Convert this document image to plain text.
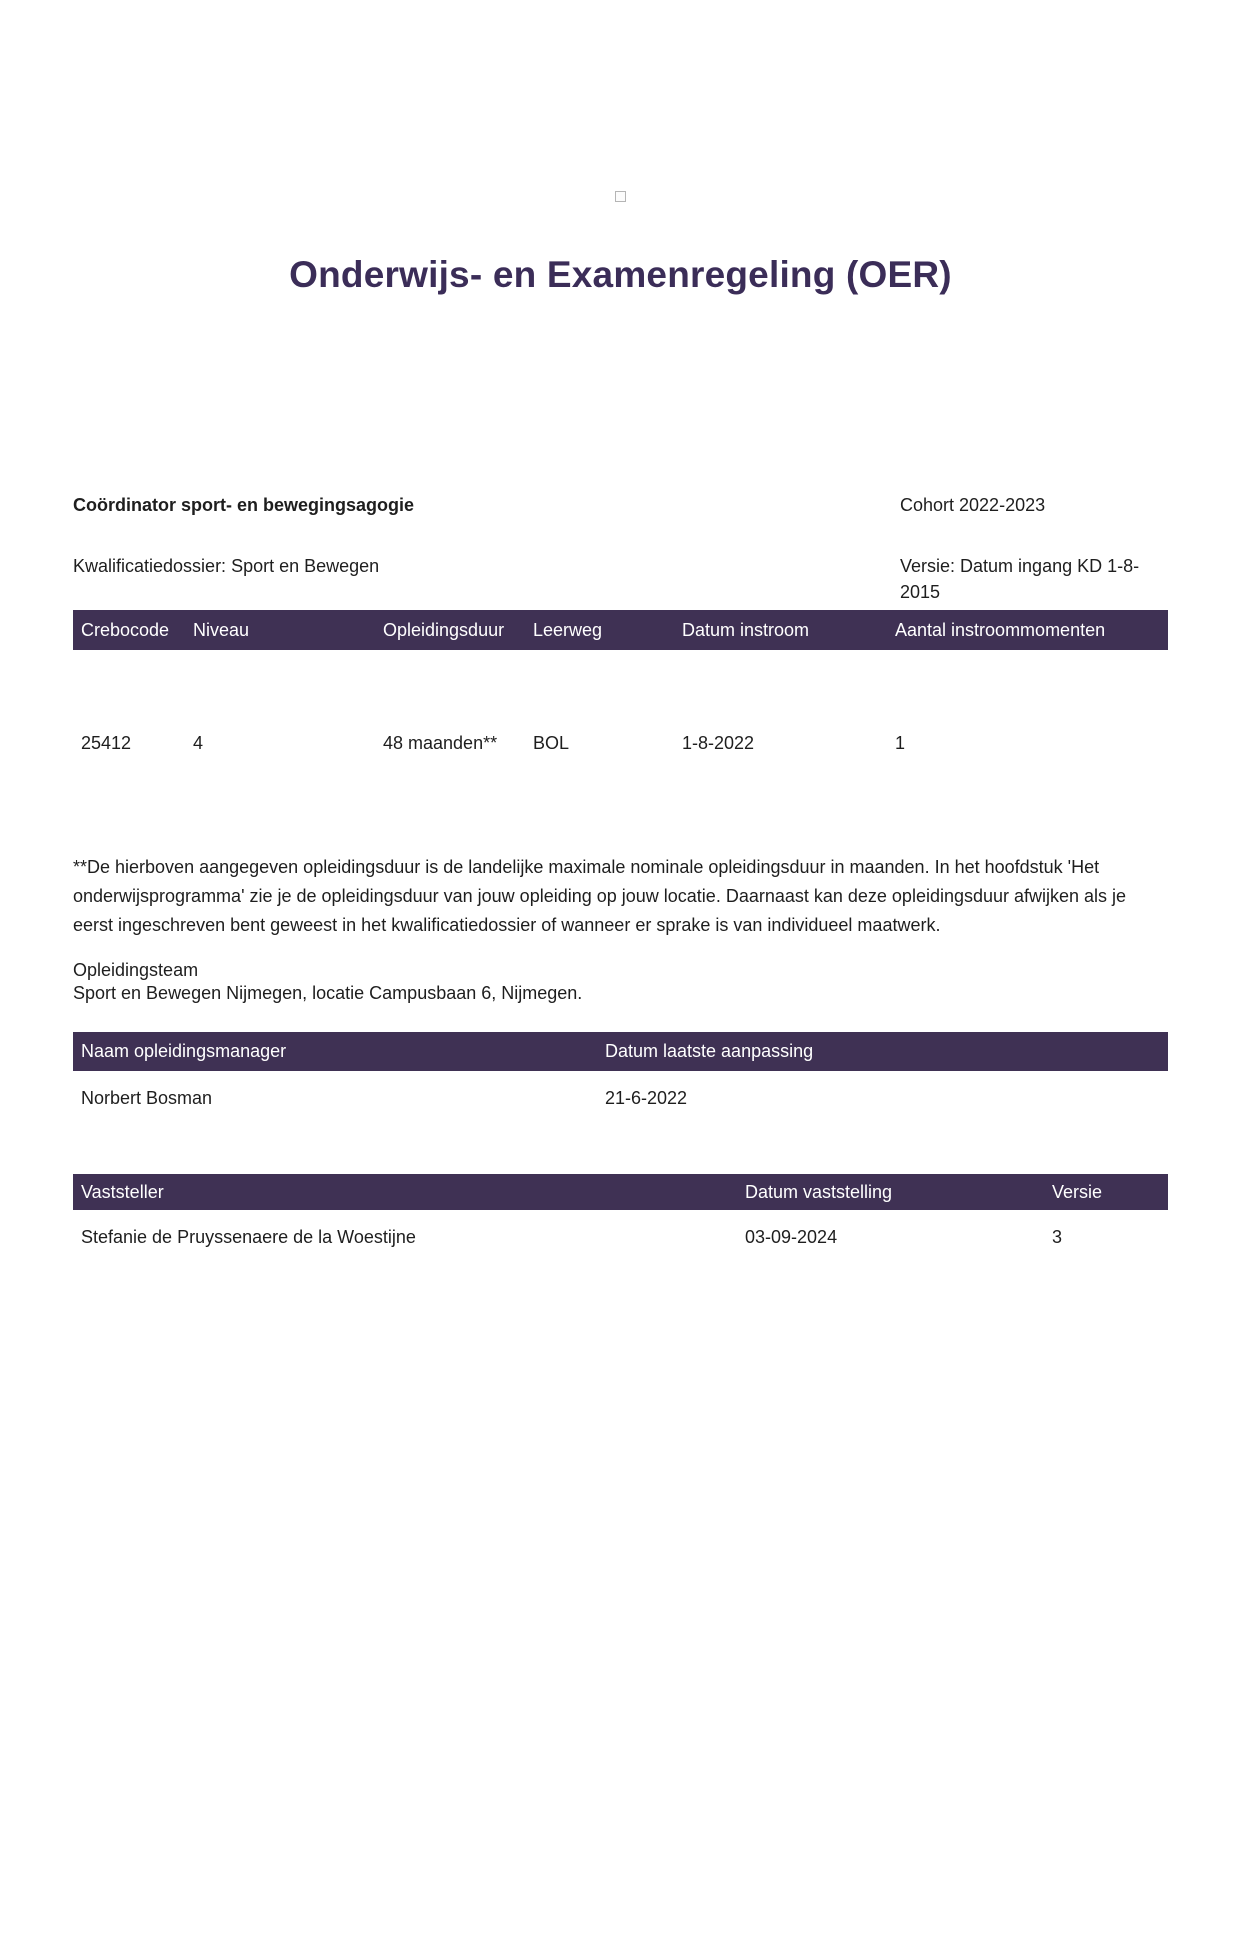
Onderwijs- en Examenregeling (OER)
Coördinator sport- en bewegingsagogie	Cohort 2022-2023
Kwalificatiedossier: Sport en Bewegen	Versie: Datum ingang KD 1-8-2015
Crebocode	Niveau	Opleidingsduur	Leerweg	Datum instroom	Aantal instroommomenten
25412	4	48 maanden**	BOL	1-8-2022	1

**De hierboven aangegeven opleidingsduur is de landelijke maximale nominale opleidingsduur in maanden. In het hoofdstuk 'Het onderwijsprogramma' zie je de opleidingsduur van jouw opleiding op jouw locatie. Daarnaast kan deze opleidingsduur afwijken als je eerst ingeschreven bent geweest in het kwalificatiedossier of wanneer er sprake is van individueel maatwerk.

Opleidingsteam
Sport en Bewegen Nijmegen, locatie Campusbaan 6, Nijmegen.
Naam opleidingsmanager	Datum laatste aanpassing
Norbert Bosman	21-6-2022
Vaststeller	Datum vaststelling	Versie
Stefanie de Pruyssenaere de la Woestijne	03-09-2024	3
